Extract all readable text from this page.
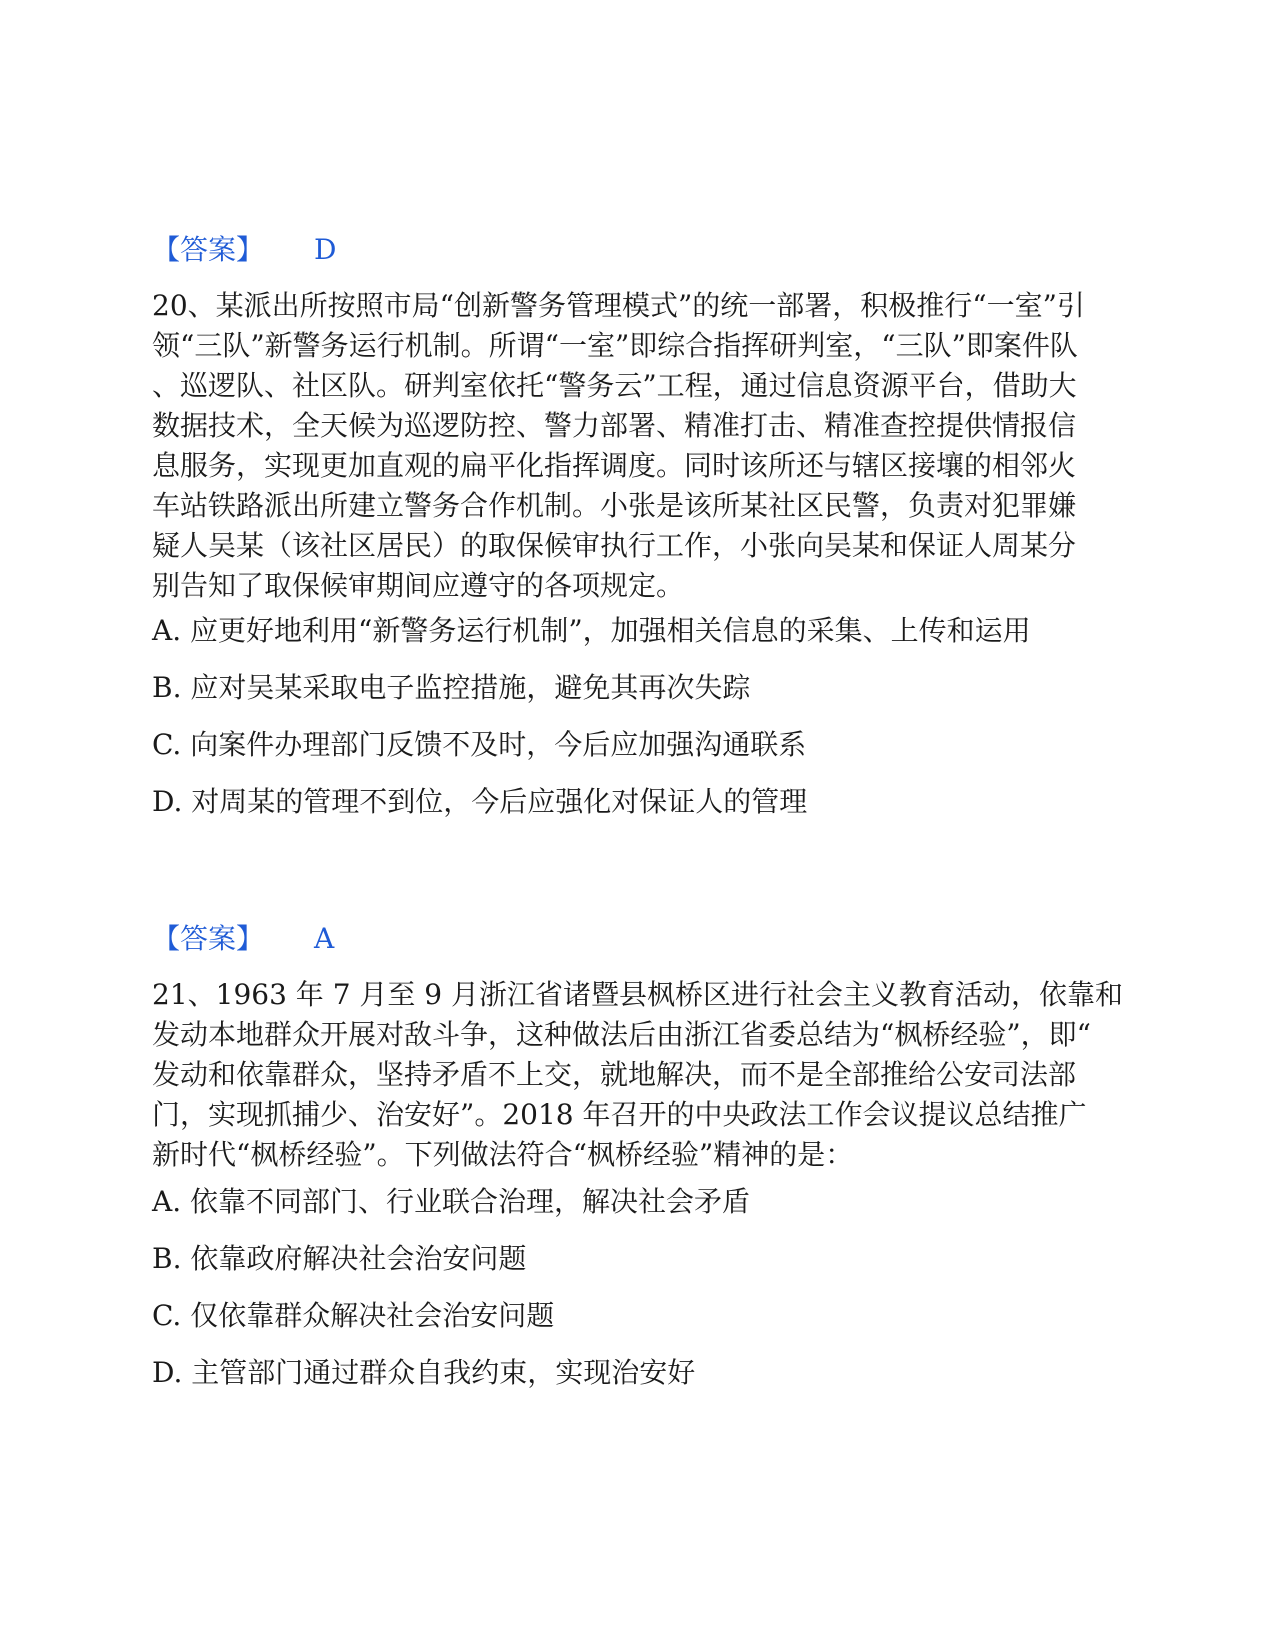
【答案】 D
20、某派出所按照市局“创新警务管理模式”的统一部署，积极推行“一室”引
领“三队”新警务运行机制。所谓“一室”即综合指挥研判室，“三队”即案件队
、巡逻队、社区队。研判室依托“警务云”工程，通过信息资源平台，借助大
数据技术，全天候为巡逻防控、警力部署、精准打击、精准查控提供情报信
息服务，实现更加直观的扁平化指挥调度。同时该所还与辖区接壤的相邻火
车站铁路派出所建立警务合作机制。小张是该所某社区民警，负责对犯罪嫌
疑人吴某（该社区居民）的取保候审执行工作，小张向吴某和保证人周某分
别告知了取保候审期间应遵守的各项规定。
A. 应更好地利用“新警务运行机制”，加强相关信息的采集、上传和运用
B. 应对吴某采取电子监控措施，避免其再次失踪
C. 向案件办理部门反馈不及时，今后应加强沟通联系
D. 对周某的管理不到位，今后应强化对保证人的管理
【答案】 A
21、1963 年 7 月至 9 月浙江省诸暨县枫桥区进行社会主义教育活动，依靠和
发动本地群众开展对敌斗争，这种做法后由浙江省委总结为“枫桥经验”，即“
发动和依靠群众，坚持矛盾不上交，就地解决，而不是全部推给公安司法部
门，实现抓捕少、治安好”。2018 年召开的中央政法工作会议提议总结推广
新时代“枫桥经验”。下列做法符合“枫桥经验”精神的是：
A. 依靠不同部门、行业联合治理，解决社会矛盾
B. 依靠政府解决社会治安问题
C. 仅依靠群众解决社会治安问题
D. 主管部门通过群众自我约束，实现治安好
